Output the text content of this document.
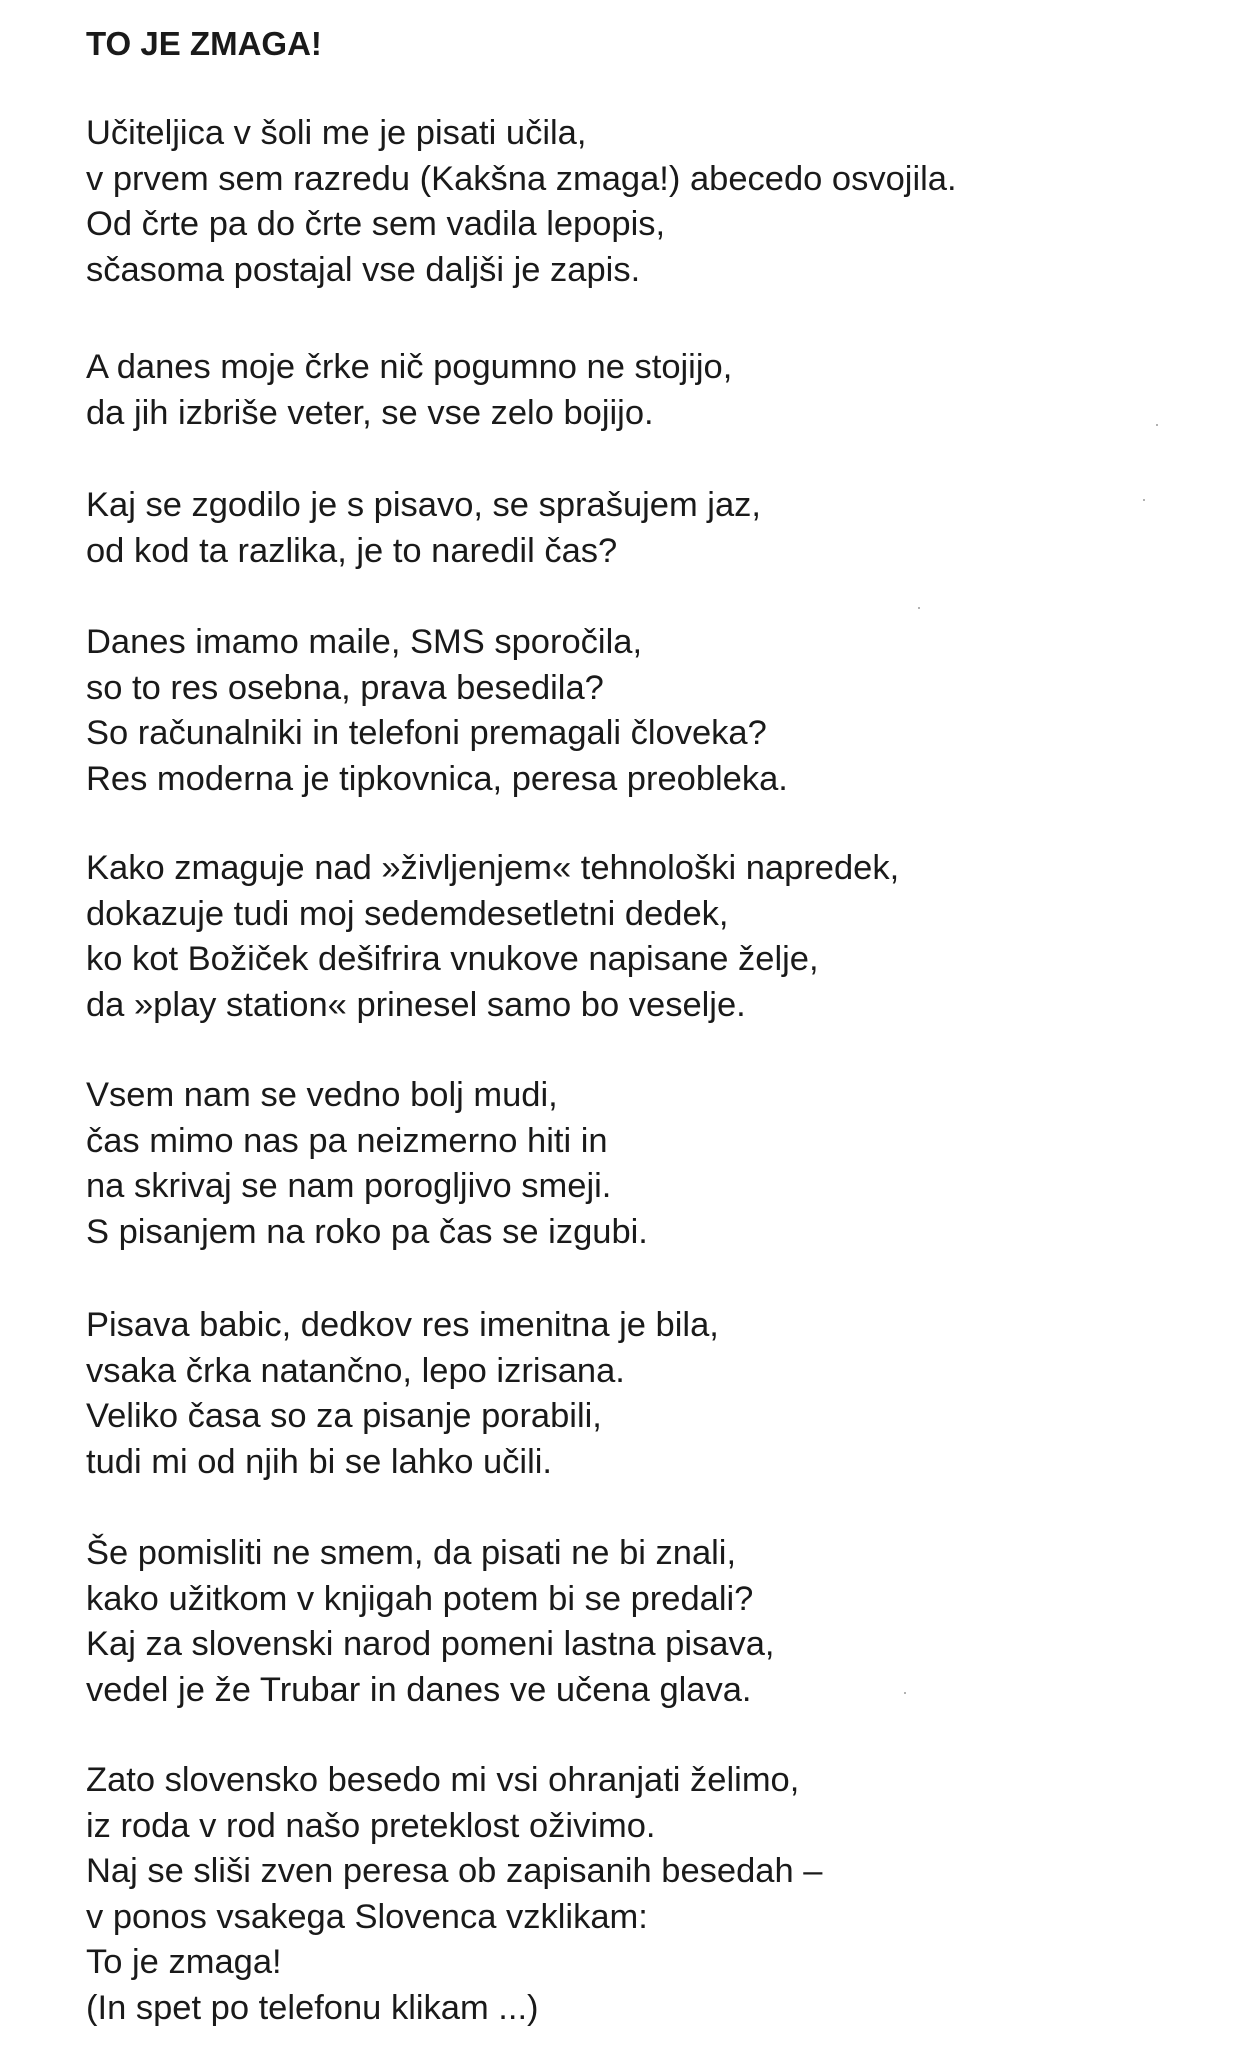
TO JE ZMAGA!
Učiteljica v šoli me je pisati učila,
v prvem sem razredu (Kakšna zmaga!) abecedo osvojila.
Od črte pa do črte sem vadila lepopis,
sčasoma postajal vse daljši je zapis.
A danes moje črke nič pogumno ne stojijo,
da jih izbriše veter, se vse zelo bojijo.
Kaj se zgodilo je s pisavo, se sprašujem jaz,
od kod ta razlika, je to naredil čas?
Danes imamo maile, SMS sporočila,
so to res osebna, prava besedila?
So računalniki in telefoni premagali človeka?
Res moderna je tipkovnica, peresa preobleka.
Kako zmaguje nad »življenjem« tehnološki napredek,
dokazuje tudi moj sedemdesetletni dedek,
ko kot Božiček dešifrira vnukove napisane želje,
da »play station« prinesel samo bo veselje.
Vsem nam se vedno bolj mudi,
čas mimo nas pa neizmerno hiti in
na skrivaj se nam porogljivo smeji.
S pisanjem na roko pa čas se izgubi.
Pisava babic, dedkov res imenitna je bila,
vsaka črka natančno, lepo izrisana.
Veliko časa so za pisanje porabili,
tudi mi od njih bi se lahko učili.
Še pomisliti ne smem, da pisati ne bi znali,
kako užitkom v knjigah potem bi se predali?
Kaj za slovenski narod pomeni lastna pisava,
vedel je že Trubar in danes ve učena glava.
Zato slovensko besedo mi vsi ohranjati želimo,
iz roda v rod našo preteklost oživimo.
Naj se sliši zven peresa ob zapisanih besedah –
v ponos vsakega Slovenca vzklikam:
To je zmaga!
(In spet po telefonu klikam ...)
